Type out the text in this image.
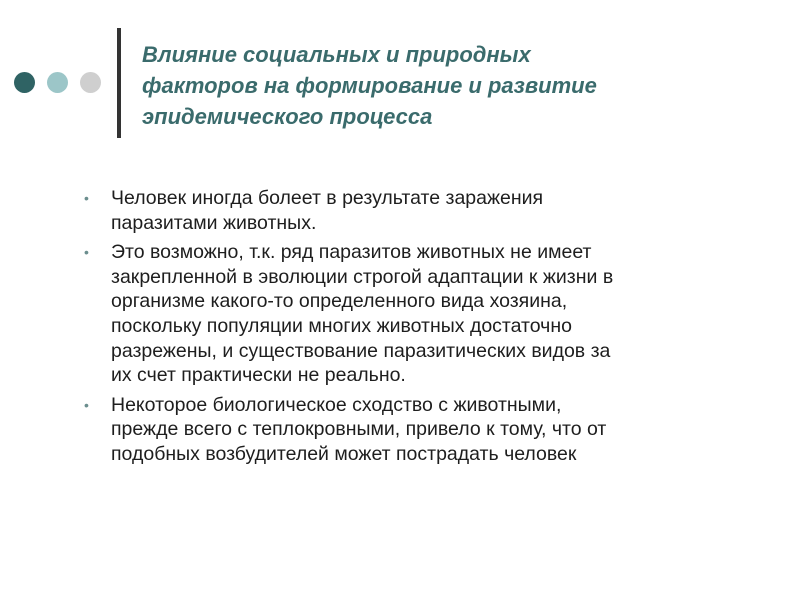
Влияние социальных и природных
факторов на формирование и развитие
эпидемического процесса
• Человек иногда болеет в результате заражения
паразитами животных.
• Это возможно, т.к. ряд паразитов животных не имеет
закрепленной в эволюции строгой адаптации к жизни в
организме какого-то определенного вида хозяина,
поскольку популяции многих животных достаточно
разрежены, и существование паразитических видов за
их счет практически не реально.
• Некоторое биологическое сходство с животными,
прежде всего с теплокровными, привело к тому, что от
подобных возбудителей может пострадать человек
